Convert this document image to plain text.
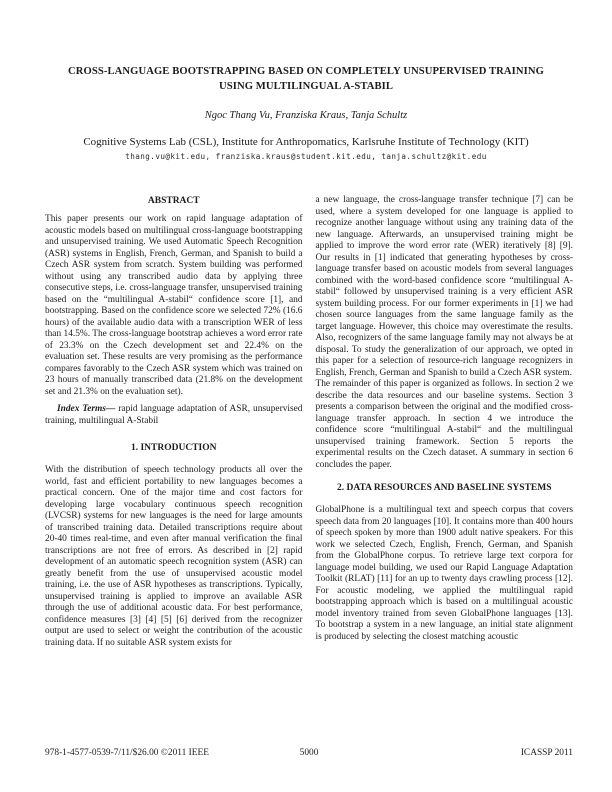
CROSS-LANGUAGE BOOTSTRAPPING BASED ON COMPLETELY UNSUPERVISED TRAINING USING MULTILINGUAL A-STABIL
Ngoc Thang Vu, Franziska Kraus, Tanja Schultz
Cognitive Systems Lab (CSL), Institute for Anthropomatics, Karlsruhe Institute of Technology (KIT)
thang.vu@kit.edu, franziska.kraus@student.kit.edu, tanja.schultz@kit.edu
ABSTRACT

This paper presents our work on rapid language adaptation of acoustic models based on multilingual cross-language bootstrapping and unsupervised training. We used Automatic Speech Recognition (ASR) systems in English, French, German, and Spanish to build a Czech ASR system from scratch. System building was performed without using any transcribed audio data by applying three consecutive steps, i.e. cross-language transfer, unsupervised training based on the “multilingual A-stabil“ confidence score [1], and bootstrapping. Based on the confidence score we selected 72% (16.6 hours) of the available audio data with a transcription WER of less than 14.5%. The cross-language bootstrap achieves a word error rate of 23.3% on the Czech development set and 22.4% on the evaluation set. These results are very promising as the performance compares favorably to the Czech ASR system which was trained on 23 hours of manually transcribed data (21.8% on the development set and 21.3% on the evaluation set).

Index Terms— rapid language adaptation of ASR, unsupervised training, multilingual A-Stabil

1. INTRODUCTION

With the distribution of speech technology products all over the world, fast and efficient portability to new languages becomes a practical concern. One of the major time and cost factors for developing large vocabulary continuous speech recognition (LVCSR) systems for new languages is the need for large amounts of transcribed training data. Detailed transcriptions require about 20-40 times real-time, and even after manual verification the final transcriptions are not free of errors. As described in [2] rapid development of an automatic speech recognition system (ASR) can greatly benefit from the use of unsupervised acoustic model training, i.e. the use of ASR hypotheses as transcriptions. Typically, unsupervised training is applied to improve an available ASR through the use of additional acoustic data. For best performance, confidence measures [3] [4] [5] [6] derived from the recognizer output are used to select or weight the contribution of the acoustic training data. If no suitable ASR system exists for

a new language, the cross-language transfer technique [7] can be used, where a system developed for one language is applied to recognize another language without using any training data of the new language. Afterwards, an unsupervised training might be applied to improve the word error rate (WER) iteratively [8] [9]. Our results in [1] indicated that generating hypotheses by cross-language transfer based on acoustic models from several languages combined with the word-based confidence score “multilingual A-stabil“ followed by unsupervised training is a very efficient ASR system building process. For our former experiments in [1] we had chosen source languages from the same language family as the target language. However, this choice may overestimate the results. Also, recognizers of the same language family may not always be at disposal. To study the generalization of our approach, we opted in this paper for a selection of resource-rich language recognizers in English, French, German and Spanish to build a Czech ASR system.

The remainder of this paper is organized as follows. In section 2 we describe the data resources and our baseline systems. Section 3 presents a comparison between the original and the modified cross-language transfer approach. In section 4 we introduce the confidence score “multilingual A-stabil“ and the multilingual unsupervised training framework. Section 5 reports the experimental results on the Czech dataset. A summary in section 6 concludes the paper.

2. DATA RESOURCES AND BASELINE SYSTEMS

GlobalPhone is a multilingual text and speech corpus that covers speech data from 20 languages [10]. It contains more than 400 hours of speech spoken by more than 1900 adult native speakers. For this work we selected Czech, English, French, German, and Spanish from the GlobalPhone corpus. To retrieve large text corpora for language model building, we used our Rapid Language Adaptation Toolkit (RLAT) [11] for an up to twenty days crawling process [12]. For acoustic modeling, we applied the multilingual rapid bootstrapping approach which is based on a multilingual acoustic model inventory trained from seven GlobalPhone languages [13]. To bootstrap a system in a new language, an initial state alignment is produced by selecting the closest matching acoustic

978-1-4577-0539-7/11/$26.00 ©2011 IEEE	5000	ICASSP 2011
